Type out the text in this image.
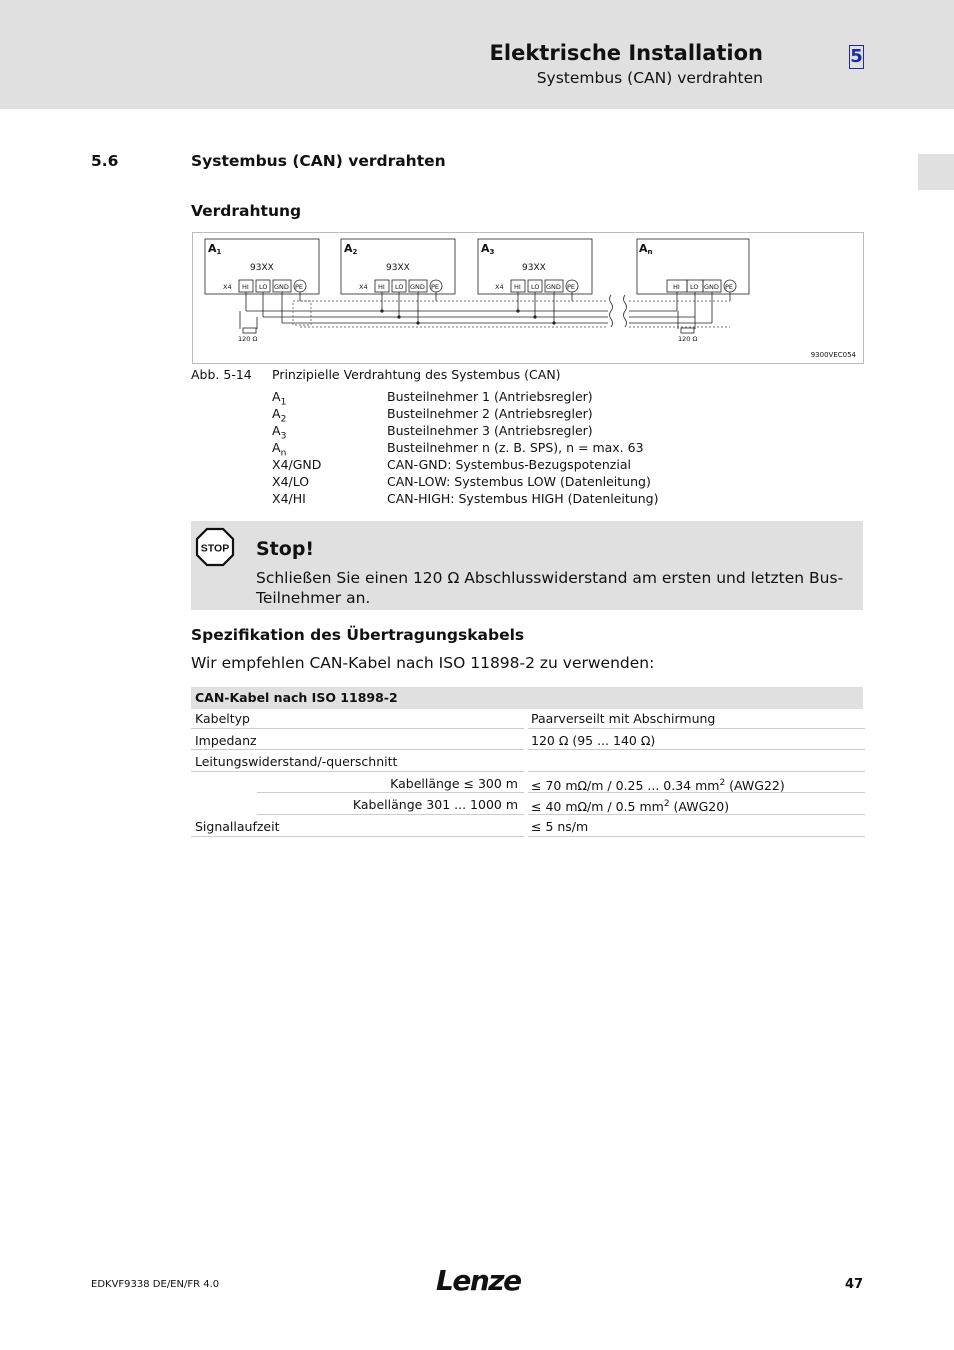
Elektrische Installation
Systembus (CAN) verdrahten
5
5.6	Systembus (CAN) verdrahten
Verdrahtung
A1	A2	A3	An
93XX	93XX	93XX
X4 HI LO GND PE	X4 HI LO GND PE	X4 HI LO GND PE	HI LO GND PE
120 Ω	120 Ω
9300VEC054
Abb. 5-14 Prinzipielle Verdrahtung des Systembus (CAN)
$A_1$	Busteilnehmer 1 (Antriebsregler)
$A_2$	Busteilnehmer 2 (Antriebsregler)
$A_3$	Busteilnehmer 3 (Antriebsregler)
$A_n$	Busteilnehmer n (z. B. SPS), n = max. 63
X4/GND	CAN-GND: Systembus-Bezugspotenzial
X4/LO	CAN-LOW: Systembus LOW (Datenleitung)
X4/HI	CAN-HIGH: Systembus HIGH (Datenleitung)
STOP Stop!
Schließen Sie einen 120 Ω Abschlusswiderstand am ersten und letzten Bus-Teilnehmer an.
Spezifikation des Übertragungskabels
Wir empfehlen CAN-Kabel nach ISO 11898-2 zu verwenden:
CAN-Kabel nach ISO 11898-2
Kabeltyp	Paarverseilt mit Abschirmung
Impedanz	120 Ω (95 ... 140 Ω)
Leitungswiderstand/-querschnitt
Kabellänge ≤ 300 m	≤ 70 mΩ/m / 0.25 ... 0.34 $mm^2$ (AWG22)
Kabellänge 301 ... 1000 m	≤ 40 mΩ/m / 0.5 $mm^2$ (AWG20)
Signallaufzeit	≤ 5 ns/m
EDKVF9338 DE/EN/FR 4.0	Lenze	47
